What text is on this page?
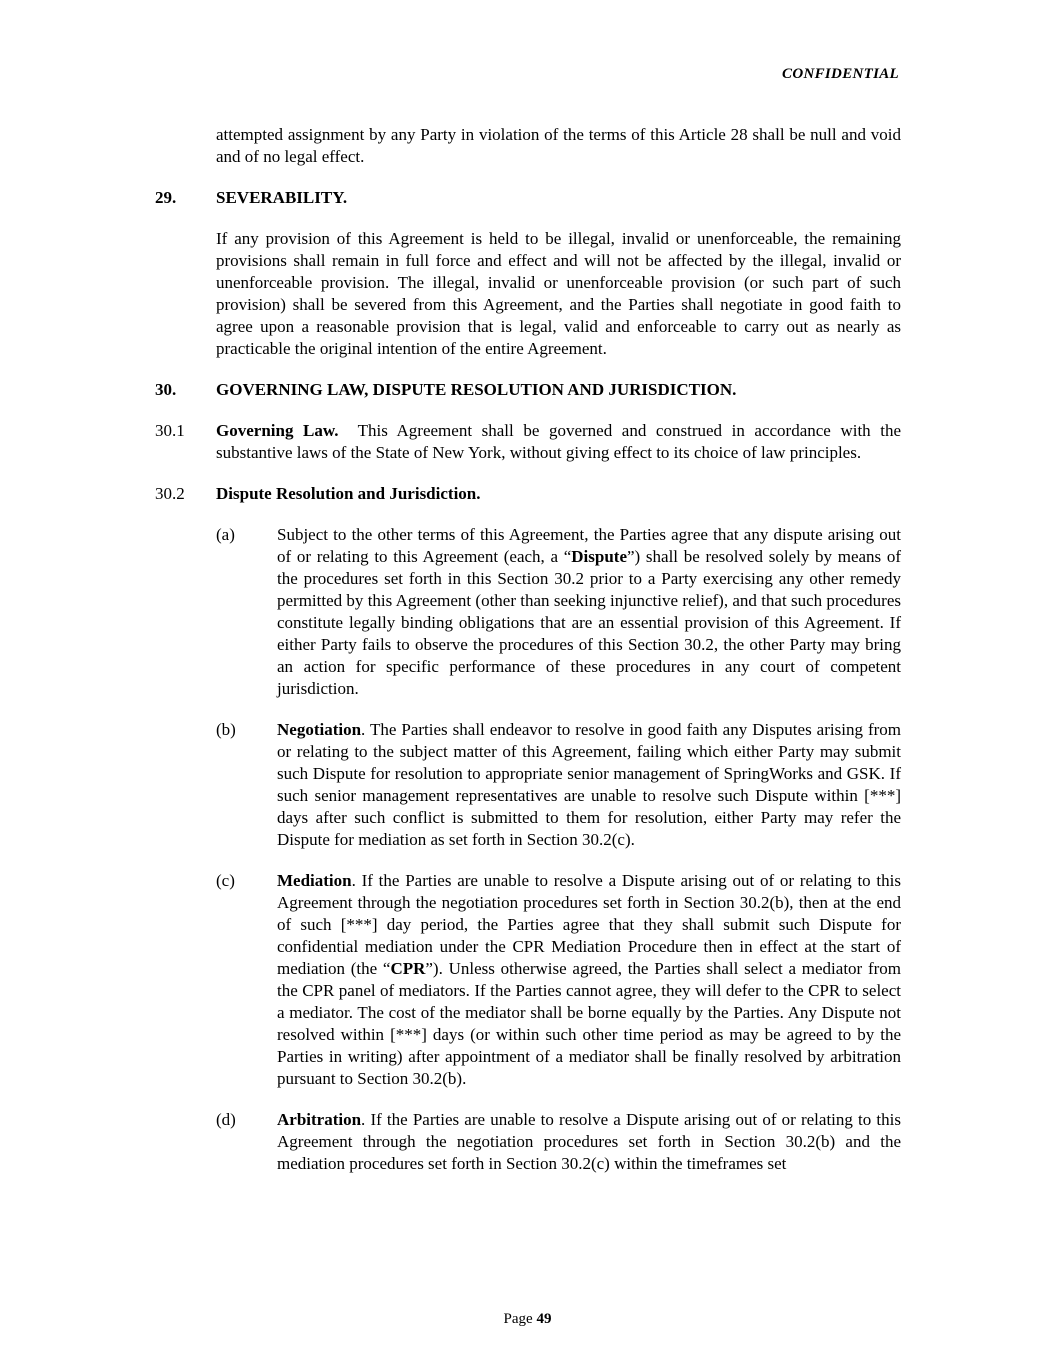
CONFIDENTIAL

attempted assignment by any Party in violation of the terms of this Article 28 shall be null and void and of no legal effect.

29.	SEVERABILITY.

If any provision of this Agreement is held to be illegal, invalid or unenforceable, the remaining provisions shall remain in full force and effect and will not be affected by the illegal, invalid or unenforceable provision. The illegal, invalid or unenforceable provision (or such part of such provision) shall be severed from this Agreement, and the Parties shall negotiate in good faith to agree upon a reasonable provision that is legal, valid and enforceable to carry out as nearly as practicable the original intention of the entire Agreement.

30.	GOVERNING LAW, DISPUTE RESOLUTION AND JURISDICTION.
30.1	Governing Law. This Agreement shall be governed and construed in accordance with the substantive laws of the State of New York, without giving effect to its choice of law principles.
30.2	Dispute Resolution and Jurisdiction.
(a)	Subject to the other terms of this Agreement, the Parties agree that any dispute arising out of or relating to this Agreement (each, a “Dispute”) shall be resolved solely by means of the procedures set forth in this Section 30.2 prior to a Party exercising any other remedy permitted by this Agreement (other than seeking injunctive relief), and that such procedures constitute legally binding obligations that are an essential provision of this Agreement. If either Party fails to observe the procedures of this Section 30.2, the other Party may bring an action for specific performance of these procedures in any court of competent jurisdiction.
(b)	Negotiation. The Parties shall endeavor to resolve in good faith any Disputes arising from or relating to the subject matter of this Agreement, failing which either Party may submit such Dispute for resolution to appropriate senior management of SpringWorks and GSK. If such senior management representatives are unable to resolve such Dispute within [***] days after such conflict is submitted to them for resolution, either Party may refer the Dispute for mediation as set forth in Section 30.2(c).
(c)	Mediation. If the Parties are unable to resolve a Dispute arising out of or relating to this Agreement through the negotiation procedures set forth in Section 30.2(b), then at the end of such [***] day period, the Parties agree that they shall submit such Dispute for confidential mediation under the CPR Mediation Procedure then in effect at the start of mediation (the “CPR”). Unless otherwise agreed, the Parties shall select a mediator from the CPR panel of mediators. If the Parties cannot agree, they will defer to the CPR to select a mediator. The cost of the mediator shall be borne equally by the Parties. Any Dispute not resolved within [***] days (or within such other time period as may be agreed to by the Parties in writing) after appointment of a mediator shall be finally resolved by arbitration pursuant to Section 30.2(b).
(d)	Arbitration. If the Parties are unable to resolve a Dispute arising out of or relating to this Agreement through the negotiation procedures set forth in Section 30.2(b) and the mediation procedures set forth in Section 30.2(c) within the timeframes set
Page 49
